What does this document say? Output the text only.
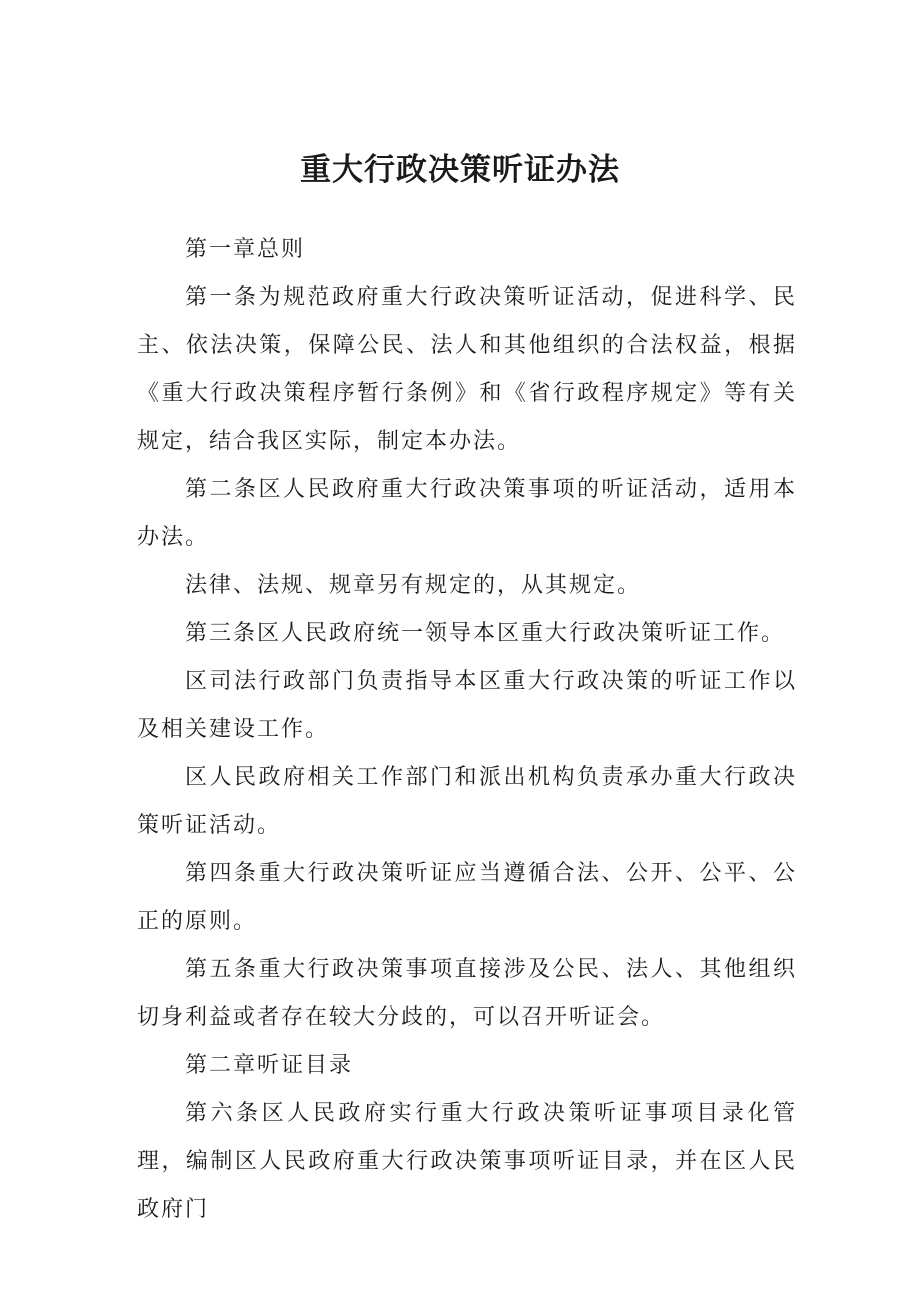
重大行政决策听证办法

第一章总则

第一条为规范政府重大行政决策听证活动，促进科学、民主、依法决策，保障公民、法人和其他组织的合法权益，根据《重大行政决策程序暂行条例》和《省行政程序规定》等有关规定，结合我区实际，制定本办法。

第二条区人民政府重大行政决策事项的听证活动，适用本办法。

法律、法规、规章另有规定的，从其规定。

第三条区人民政府统一领导本区重大行政决策听证工作。

区司法行政部门负责指导本区重大行政决策的听证工作以及相关建设工作。

区人民政府相关工作部门和派出机构负责承办重大行政决策听证活动。

第四条重大行政决策听证应当遵循合法、公开、公平、公正的原则。

第五条重大行政决策事项直接涉及公民、法人、其他组织切身利益或者存在较大分歧的，可以召开听证会。

第二章听证目录

第六条区人民政府实行重大行政决策听证事项目录化管理，编制区人民政府重大行政决策事项听证目录，并在区人民政府门
